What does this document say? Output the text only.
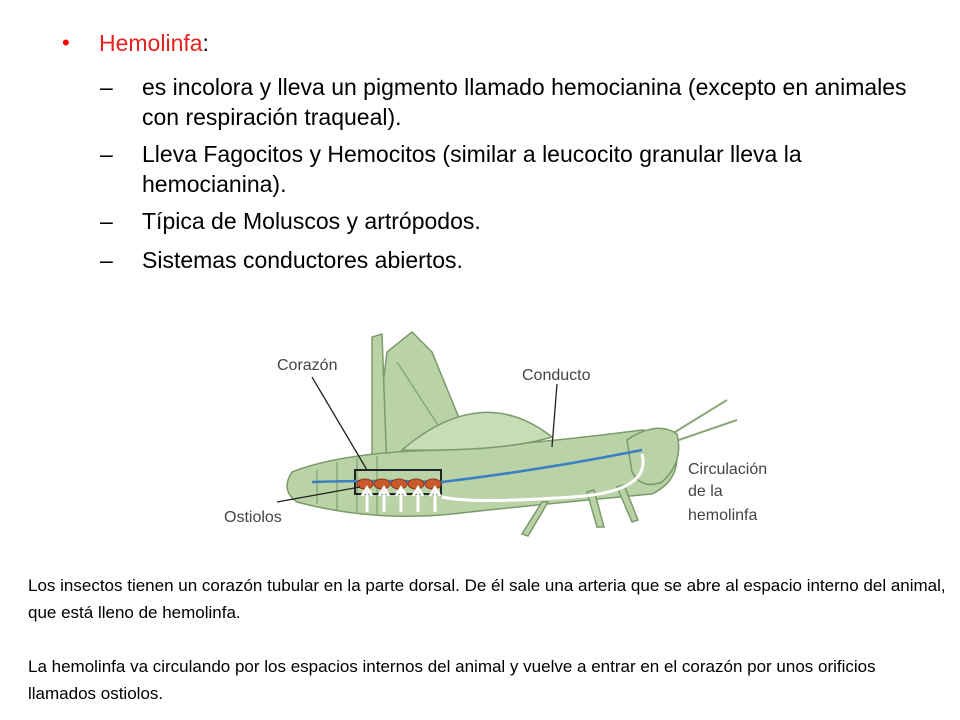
• Hemolinfa:
– es incolora y lleva un pigmento llamado hemocianina (excepto en animales con respiración traqueal).
– Lleva Fagocitos y Hemocitos (similar a leucocito granular lleva la hemocianina).
– Típica de Moluscos y artrópodos.
– Sistemas conductores abiertos.
Corazón
Conducto
Ostiolos
Circulación
de la
hemolinfa

Los insectos tienen un corazón tubular en la parte dorsal. De él sale una arteria que se abre al espacio interno del animal, que está lleno de hemolinfa.

La hemolinfa va circulando por los espacios internos del animal y vuelve a entrar en el corazón por unos orificios llamados ostiolos.
